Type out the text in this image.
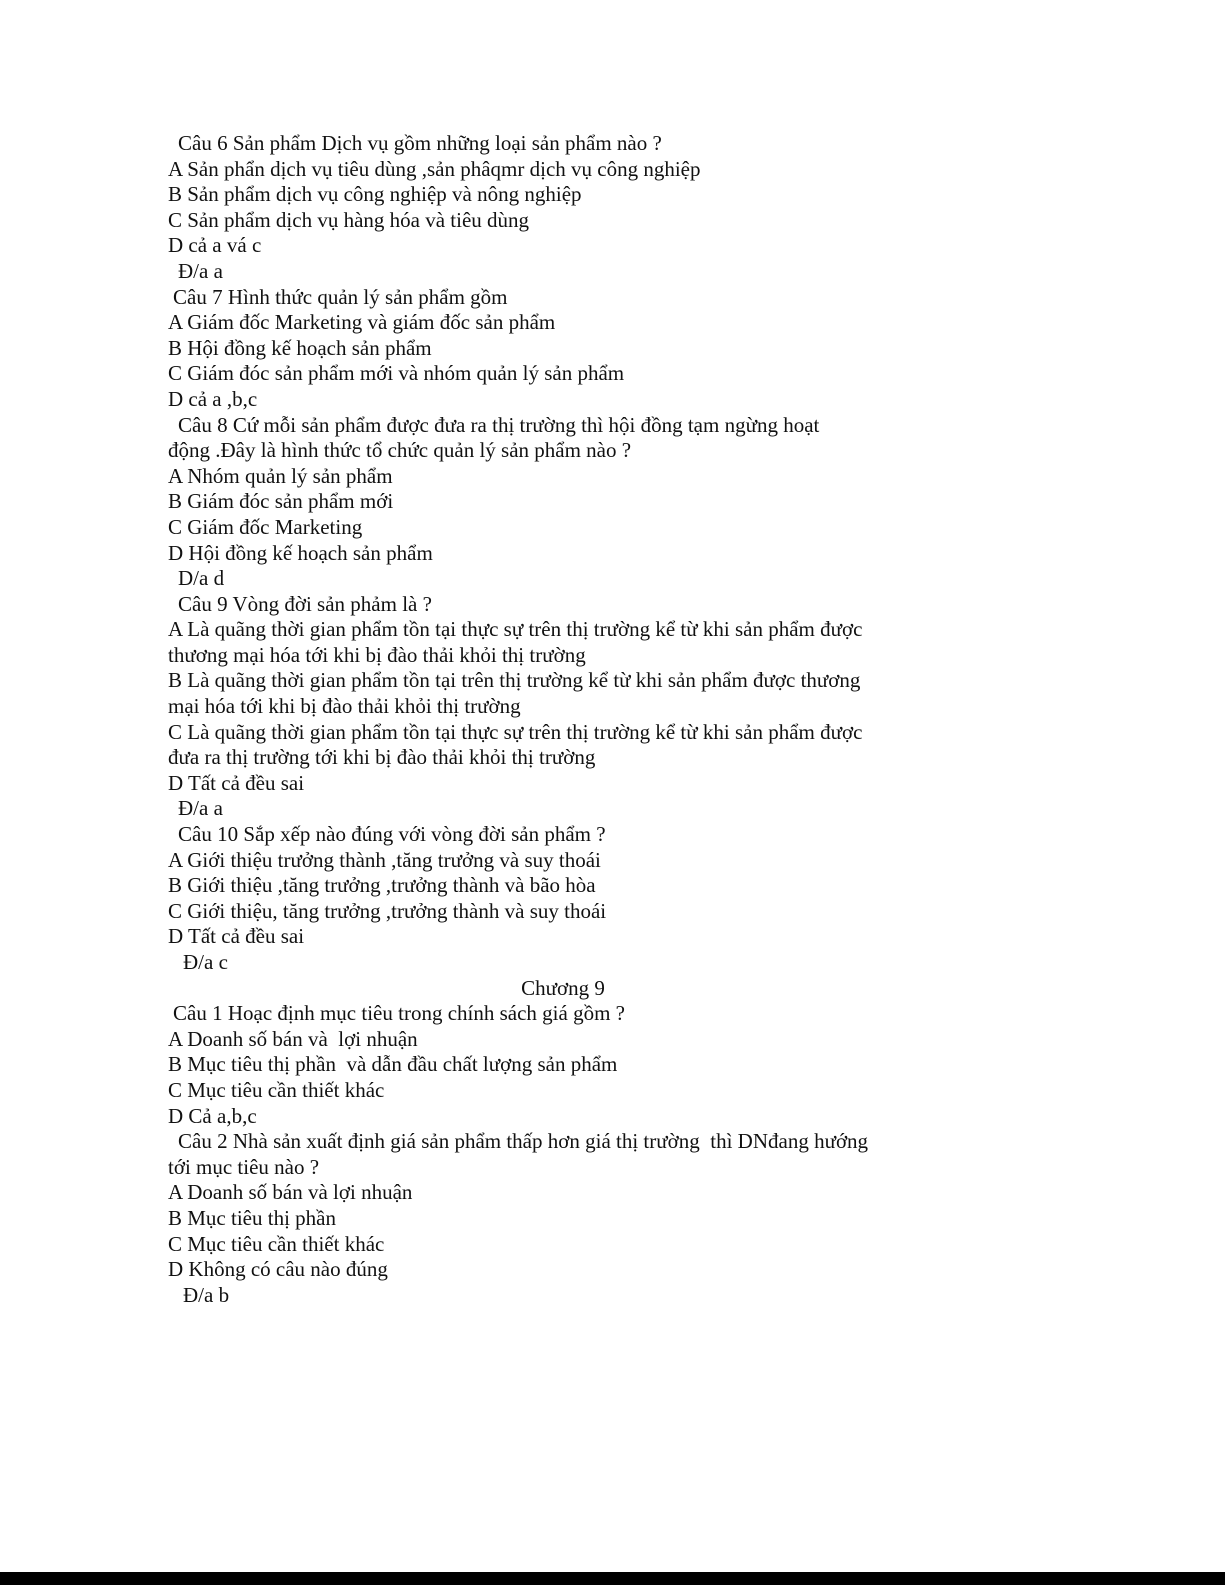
Câu 6 Sản phẩm Dịch vụ gồm những loại sản phẩm nào ?
A Sản phẩn dịch vụ tiêu dùng ,sản phâqmr dịch vụ công nghiệp
B Sản phẩm dịch vụ công nghiệp và nông nghiệp
C Sản phẩm dịch vụ hàng hóa và tiêu dùng
D cả a vá c
Đ/a a
Câu 7 Hình thức quản lý sản phẩm gồm
A Giám đốc Marketing và giám đốc sản phẩm
B Hội đồng kế hoạch sản phẩm
C Giám đóc sản phẩm mới và nhóm quản lý sản phẩm
D cả a ,b,c
Câu 8 Cứ mỗi sản phẩm được đưa ra thị trường thì hội đồng tạm ngừng hoạt
động .Đây là hình thức tổ chức quản lý sản phẩm nào ?
A Nhóm quản lý sản phẩm
B Giám đóc sản phẩm mới
C Giám đốc Marketing
D Hội đồng kế hoạch sản phẩm
D/a d
Câu 9 Vòng đời sản phảm là ?
A Là quãng thời gian phẩm tồn tại thực sự trên thị trường kể từ khi sản phẩm được
thương mại hóa tới khi bị đào thải khỏi thị trường
B Là quãng thời gian phẩm tồn tại trên thị trường kể từ khi sản phẩm được thương
mại hóa tới khi bị đào thải khỏi thị trường
C Là quãng thời gian phẩm tồn tại thực sự trên thị trường kể từ khi sản phẩm được
đưa ra thị trường tới khi bị đào thải khỏi thị trường
D Tất cả đều sai
Đ/a a
Câu 10 Sắp xếp nào đúng với vòng đời sản phẩm ?
A Giới thiệu trưởng thành ,tăng trưởng và suy thoái
B Giới thiệu ,tăng trưởng ,trưởng thành và bão hòa
C Giới thiệu, tăng trưởng ,trưởng thành và suy thoái
D Tất cả đều sai
Đ/a c
Chương 9
Câu 1 Hoạc định mục tiêu trong chính sách giá gồm ?
A Doanh số bán và  lợi nhuận
B Mục tiêu thị phần  và dẫn đầu chất lượng sản phẩm
C Mục tiêu cần thiết khác
D Cả a,b,c
Câu 2 Nhà sản xuất định giá sản phẩm thấp hơn giá thị trường  thì DNđang hướng
tới mục tiêu nào ?
A Doanh số bán và lợi nhuận
B Mục tiêu thị phần
C Mục tiêu cần thiết khác
D Không có câu nào đúng
Đ/a b
